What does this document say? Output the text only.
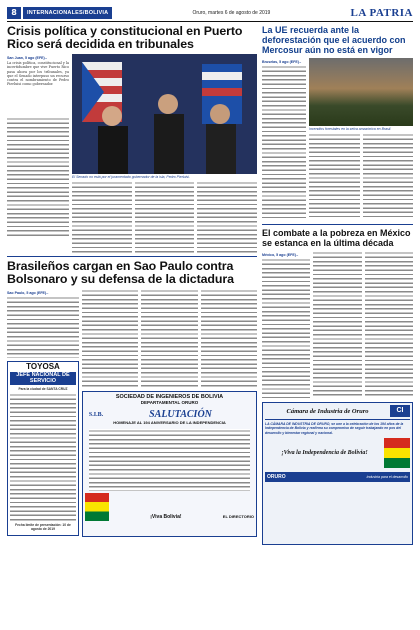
8	INTERNACIONALES/BOLIVIA	Oruro, martes 6 de agosto de 2019	LA PATRIA
Crisis política y constitucional en Puerto Rico será decidida en tribunales
San Juan, 5 ago (EFE).-
La crisis política, constitucional y la incertidumbre que vive Puerto Rico pasa ahora por los tribunales, ya que el Senado interpuso un recurso contra el nombramiento de Pedro Pierluisi como gobernador.
El Senado no está por el juramentado gobernador de la isla, Pedro Pierluisi.
Brasileños cargan en Sao Paulo contra Bolsonaro y su defensa de la dictadura
Sao Paulo, 5 ago (EFE).-
TOYOSA
JEFE NACIONAL DE SERVICIO
Para la ciudad de SANTA CRUZ
Fecha límite de presentación: 10 de agosto de 2019
SOCIEDAD DE INGENIEROS DE BOLIVIA
DEPARTAMENTAL ORURO
S.I.B.	SALUTACIÓN
HOMENAJE AL 194 ANIVERSARIO DE LA INDEPENDENCIA
¡Viva Bolivia!	EL DIRECTORIO
La UE recuerda ante la deforestación que el acuerdo con Mercosur aún no está en vigor
Bruselas, 5 ago (EFE).-
Incendios forestales en la selva amazónica en Brasil.
El combate a la pobreza en México se estanca en la última década
México, 5 ago (EFE).-
Cámara de Industria de Oruro	CI
LA CÁMARA DE INDUSTRIA DE ORURO, se une a la celebración de los 194 años de la Independencia de Bolivia y reafirma su compromiso de seguir trabajando en pos del desarrollo y bienestar regional y nacional.
¡Viva la Independencia de Bolivia!
ORURO	Industria para el desarrollo
